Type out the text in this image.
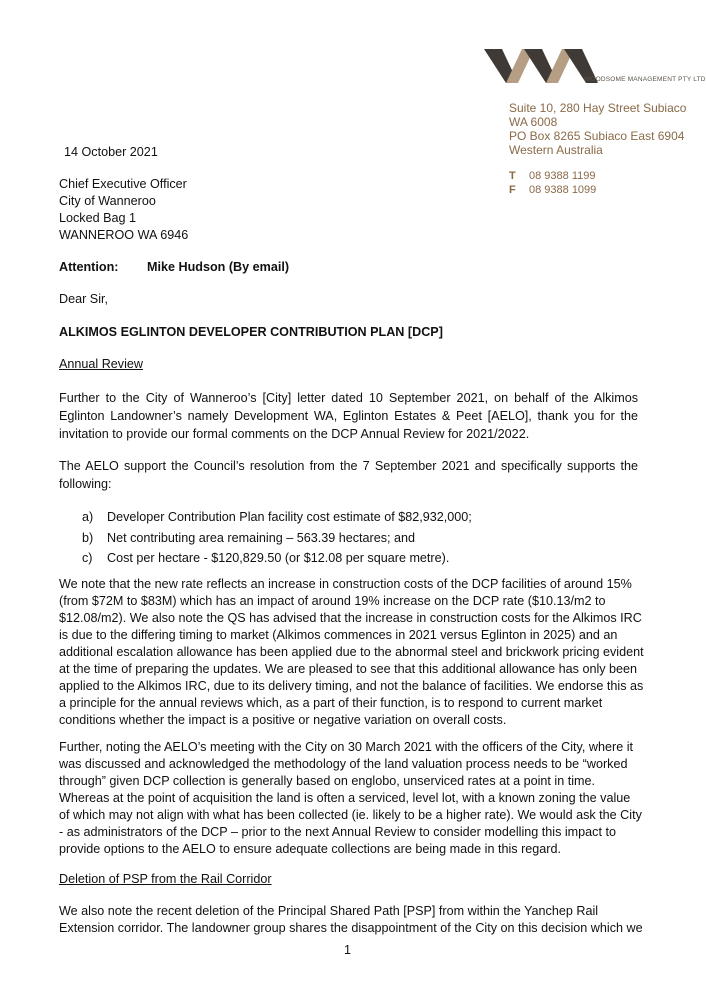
WOODSOME MANAGEMENT PTY LTD
Suite 10, 280 Hay Street Subiaco
WA 6008
PO Box 8265 Subiaco East 6904
Western Australia
T 08 9388 1199
F 08 9388 1099
14 October 2021
Chief Executive Officer
City of Wanneroo
Locked Bag 1
WANNEROO WA 6946
Attention: Mike Hudson (By email)
Dear Sir,
ALKIMOS EGLINTON DEVELOPER CONTRIBUTION PLAN [DCP]
Annual Review
Further to the City of Wanneroo’s [City] letter dated 10 September 2021, on behalf of the Alkimos Eglinton Landowner’s namely Development WA, Eglinton Estates & Peet [AELO], thank you for the invitation to provide our formal comments on the DCP Annual Review for 2021/2022.
The AELO support the Council’s resolution from the 7 September 2021 and specifically supports the following:
a) Developer Contribution Plan facility cost estimate of $82,932,000;
b) Net contributing area remaining – 563.39 hectares; and
c) Cost per hectare - $120,829.50 (or $12.08 per square metre).
We note that the new rate reflects an increase in construction costs of the DCP facilities of around 15% (from $72M to $83M) which has an impact of around 19% increase on the DCP rate ($10.13/m2 to $12.08/m2). We also note the QS has advised that the increase in construction costs for the Alkimos IRC is due to the differing timing to market (Alkimos commences in 2021 versus Eglinton in 2025) and an additional escalation allowance has been applied due to the abnormal steel and brickwork pricing evident at the time of preparing the updates. We are pleased to see that this additional allowance has only been applied to the Alkimos IRC, due to its delivery timing, and not the balance of facilities. We endorse this as a principle for the annual reviews which, as a part of their function, is to respond to current market conditions whether the impact is a positive or negative variation on overall costs.
Further, noting the AELO’s meeting with the City on 30 March 2021 with the officers of the City, where it was discussed and acknowledged the methodology of the land valuation process needs to be “worked through” given DCP collection is generally based on englobo, unserviced rates at a point in time. Whereas at the point of acquisition the land is often a serviced, level lot, with a known zoning the value of which may not align with what has been collected (ie. likely to be a higher rate). We would ask the City - as administrators of the DCP – prior to the next Annual Review to consider modelling this impact to provide options to the AELO to ensure adequate collections are being made in this regard.
Deletion of PSP from the Rail Corridor
We also note the recent deletion of the Principal Shared Path [PSP] from within the Yanchep Rail Extension corridor. The landowner group shares the disappointment of the City on this decision which we
1
